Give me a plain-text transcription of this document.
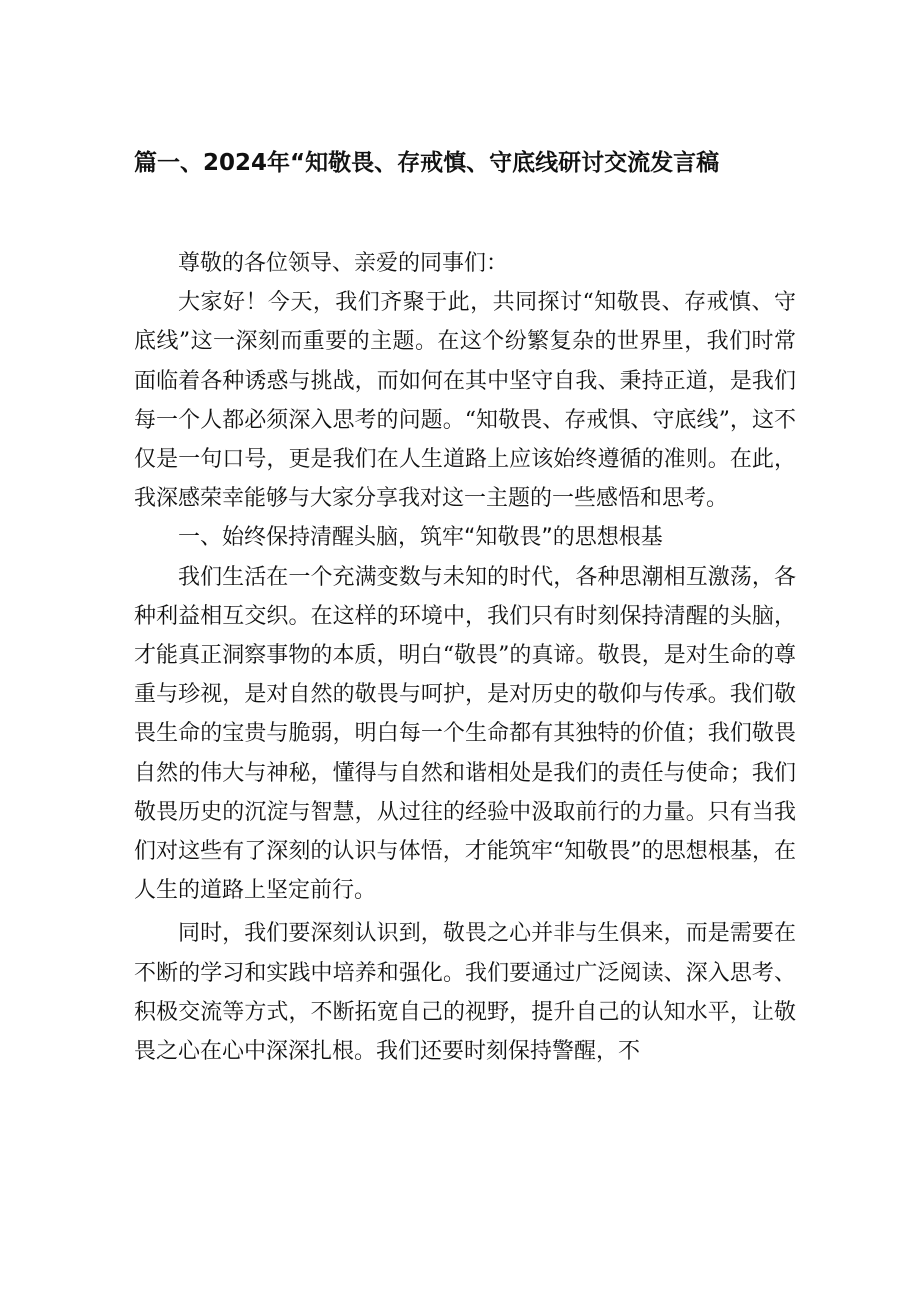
篇一、2024年“知敬畏、存戒慎、守底线研讨交流发言稿

尊敬的各位领导、亲爱的同事们：

大家好！今天，我们齐聚于此，共同探讨“知敬畏、存戒慎、守底线”这一深刻而重要的主题。在这个纷繁复杂的世界里，我们时常面临着各种诱惑与挑战，而如何在其中坚守自我、秉持正道，是我们每一个人都必须深入思考的问题。“知敬畏、存戒惧、守底线”，这不仅是一句口号，更是我们在人生道路上应该始终遵循的准则。在此，我深感荣幸能够与大家分享我对这一主题的一些感悟和思考。

一、始终保持清醒头脑，筑牢“知敬畏”的思想根基

我们生活在一个充满变数与未知的时代，各种思潮相互激荡，各种利益相互交织。在这样的环境中，我们只有时刻保持清醒的头脑，才能真正洞察事物的本质，明白“敬畏”的真谛。敬畏，是对生命的尊重与珍视，是对自然的敬畏与呵护，是对历史的敬仰与传承。我们敬畏生命的宝贵与脆弱，明白每一个生命都有其独特的价值；我们敬畏自然的伟大与神秘，懂得与自然和谐相处是我们的责任与使命；我们敬畏历史的沉淀与智慧，从过往的经验中汲取前行的力量。只有当我们对这些有了深刻的认识与体悟，才能筑牢“知敬畏”的思想根基，在人生的道路上坚定前行。

同时，我们要深刻认识到，敬畏之心并非与生俱来，而是需要在不断的学习和实践中培养和强化。我们要通过广泛阅读、深入思考、积极交流等方式，不断拓宽自己的视野，提升自己的认知水平，让敬畏之心在心中深深扎根。我们还要时刻保持警醒，不
